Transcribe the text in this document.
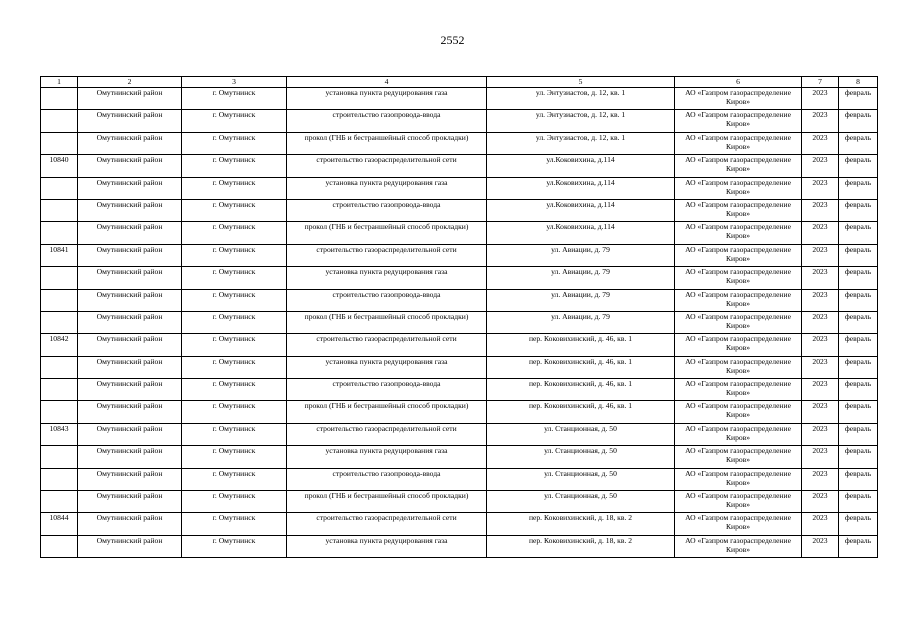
2552
1	2	3	4	5	6	7	8
	Омутнинский район	г. Омутнинск	установка пункта редуцирования газа	ул. Энтузиастов, д. 12, кв. 1	АО «Газпром газораспределение Киров»	2023	февраль
	Омутнинский район	г. Омутнинск	строительство газопровода-ввода	ул. Энтузиастов, д. 12, кв. 1	АО «Газпром газораспределение Киров»	2023	февраль
	Омутнинский район	г. Омутнинск	прокол (ГНБ и бестраншейный способ прокладки)	ул. Энтузиастов, д. 12, кв. 1	АО «Газпром газораспределение Киров»	2023	февраль
10840	Омутнинский район	г. Омутнинск	строительство газораспределительной сети	ул.Коковихина, д.114	АО «Газпром газораспределение Киров»	2023	февраль
	Омутнинский район	г. Омутнинск	установка пункта редуцирования газа	ул.Коковихина, д.114	АО «Газпром газораспределение Киров»	2023	февраль
	Омутнинский район	г. Омутнинск	строительство газопровода-ввода	ул.Коковихина, д.114	АО «Газпром газораспределение Киров»	2023	февраль
	Омутнинский район	г. Омутнинск	прокол (ГНБ и бестраншейный способ прокладки)	ул.Коковихина, д.114	АО «Газпром газораспределение Киров»	2023	февраль
10841	Омутнинский район	г. Омутнинск	строительство газораспределительной сети	ул. Авиации, д. 79	АО «Газпром газораспределение Киров»	2023	февраль
	Омутнинский район	г. Омутнинск	установка пункта редуцирования газа	ул. Авиации, д. 79	АО «Газпром газораспределение Киров»	2023	февраль
	Омутнинский район	г. Омутнинск	строительство газопровода-ввода	ул. Авиации, д. 79	АО «Газпром газораспределение Киров»	2023	февраль
	Омутнинский район	г. Омутнинск	прокол (ГНБ и бестраншейный способ прокладки)	ул. Авиации, д. 79	АО «Газпром газораспределение Киров»	2023	февраль
10842	Омутнинский район	г. Омутнинск	строительство газораспределительной сети	пер. Коковихинский, д. 46, кв. 1	АО «Газпром газораспределение Киров»	2023	февраль
	Омутнинский район	г. Омутнинск	установка пункта редуцирования газа	пер. Коковихинский, д. 46, кв. 1	АО «Газпром газораспределение Киров»	2023	февраль
	Омутнинский район	г. Омутнинск	строительство газопровода-ввода	пер. Коковихинский, д. 46, кв. 1	АО «Газпром газораспределение Киров»	2023	февраль
	Омутнинский район	г. Омутнинск	прокол (ГНБ и бестраншейный способ прокладки)	пер. Коковихинский, д. 46, кв. 1	АО «Газпром газораспределение Киров»	2023	февраль
10843	Омутнинский район	г. Омутнинск	строительство газораспределительной сети	ул. Станционная, д. 50	АО «Газпром газораспределение Киров»	2023	февраль
	Омутнинский район	г. Омутнинск	установка пункта редуцирования газа	ул. Станционная, д. 50	АО «Газпром газораспределение Киров»	2023	февраль
	Омутнинский район	г. Омутнинск	строительство газопровода-ввода	ул. Станционная, д. 50	АО «Газпром газораспределение Киров»	2023	февраль
	Омутнинский район	г. Омутнинск	прокол (ГНБ и бестраншейный способ прокладки)	ул. Станционная, д. 50	АО «Газпром газораспределение Киров»	2023	февраль
10844	Омутнинский район	г. Омутнинск	строительство газораспределительной сети	пер. Коковихинский, д. 18, кв. 2	АО «Газпром газораспределение Киров»	2023	февраль
	Омутнинский район	г. Омутнинск	установка пункта редуцирования газа	пер. Коковихинский, д. 18, кв. 2	АО «Газпром газораспределение Киров»	2023	февраль
